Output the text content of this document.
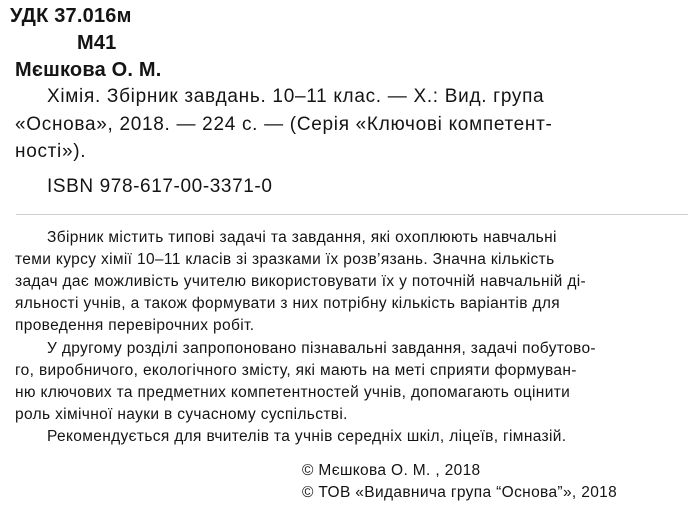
УДК 37.016м
М41
Мєшкова О. М.
Хімія. Збірник завдань. 10–11 клас. — Х.: Вид. група
«Основа», 2018. — 224 с. — (Серія «Ключові компетент-
ності»).
ISBN 978-617-00-3371-0
Збірник містить типові задачі та завдання, які охоплюють навчальні
теми курсу хімії 10–11 класів зі зразками їх розв’язань. Значна кількість
задач дає можливість учителю використовувати їх у поточній навчальній ді-
яльності учнів, а також формувати з них потрібну кількість варіантів для
проведення перевірочних робіт.
У другому розділі запропоновано пізнавальні завдання, задачі побутово-
го, виробничого, екологічного змісту, які мають на меті сприяти формуван-
ню ключових та предметних компетентностей учнів, допомагають оцінити
роль хімічної науки в сучасному суспільстві.
Рекомендується для вчителів та учнів середніх шкіл, ліцеїв, гімназій.
© Мєшкова О. М. , 2018
© ТОВ «Видавнича група “Основа”», 2018
